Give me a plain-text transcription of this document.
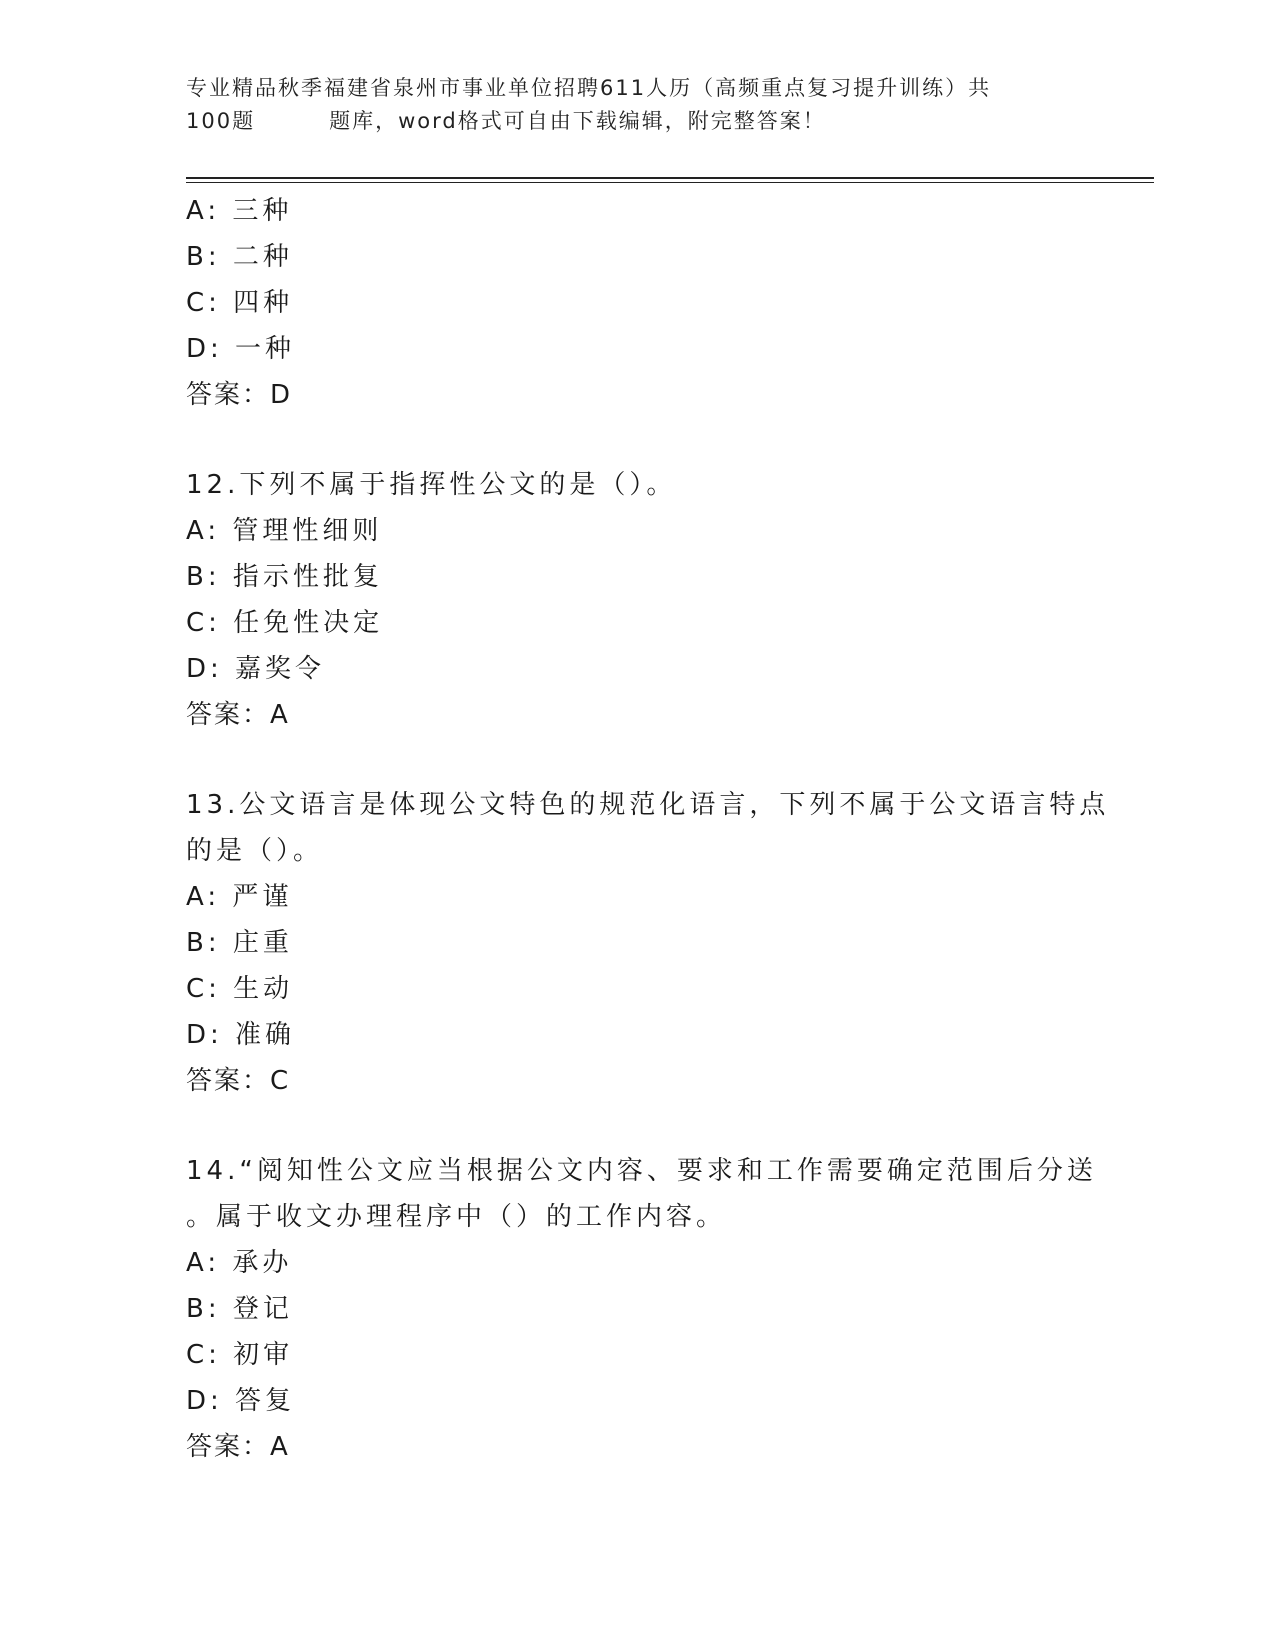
专业精品秋季福建省泉州市事业单位招聘611人历（高频重点复习提升训练）共
100题	题库，word格式可自由下载编辑，附完整答案！
A: 三种
B: 二种
C: 四种
D: 一种
答案：D
12.下列不属于指挥性公文的是（）。
A: 管理性细则
B: 指示性批复
C: 任免性决定
D: 嘉奖令
答案：A
13.公文语言是体现公文特色的规范化语言，下列不属于公文语言特点
的是（）。
A: 严谨
B: 庄重
C: 生动
D: 准确
答案：C
14.“阅知性公文应当根据公文内容、要求和工作需要确定范围后分送
。属于收文办理程序中（）的工作内容。
A: 承办
B: 登记
C: 初审
D: 答复
答案：A
